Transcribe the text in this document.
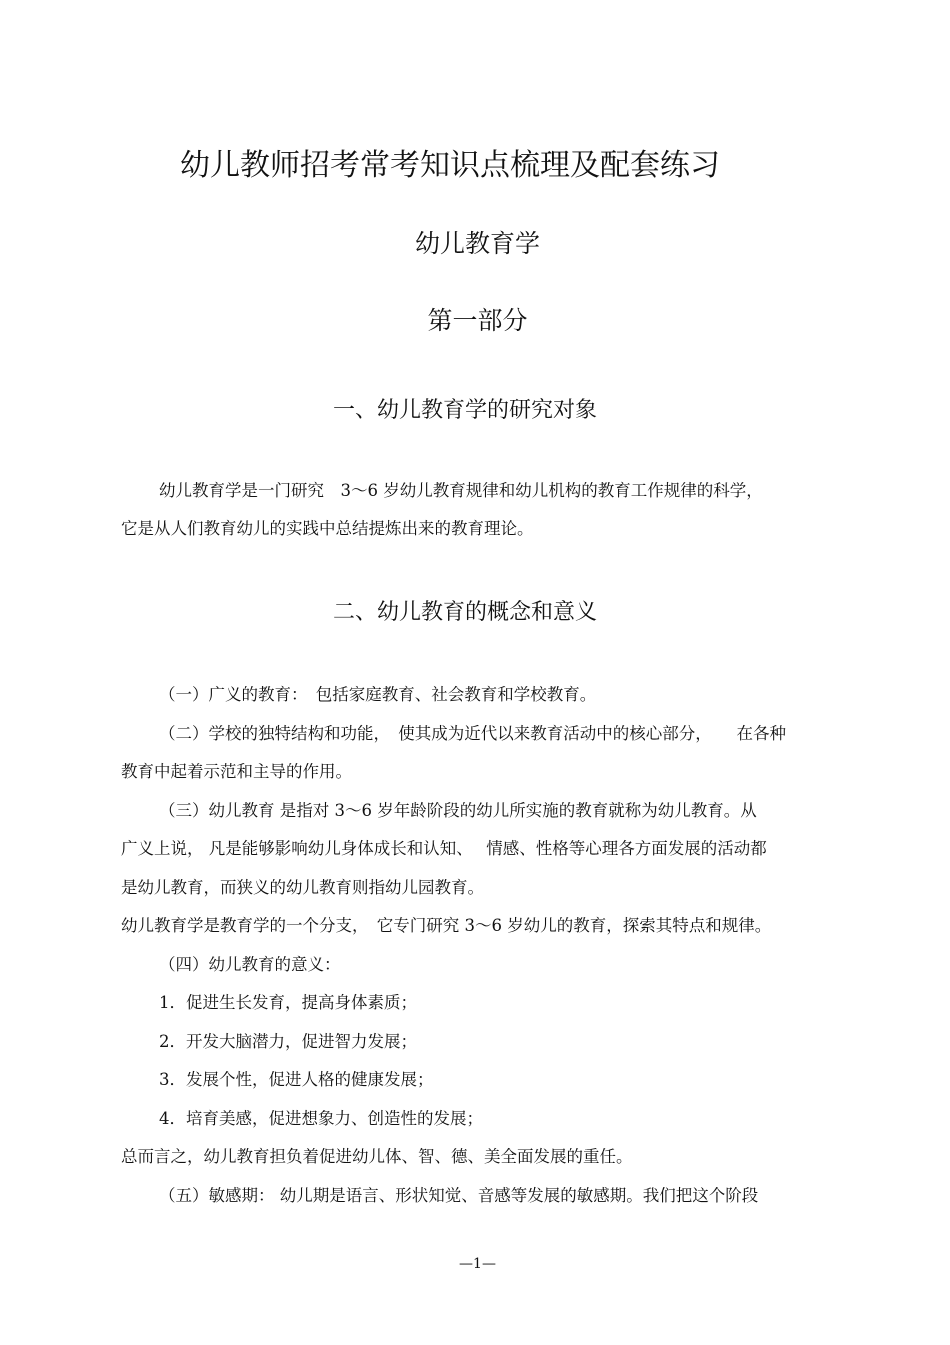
幼儿教师招考常考知识点梳理及配套练习
幼儿教育学
第一部分
一、幼儿教育学的研究对象
幼儿教育学是一门研究　3～6 岁幼儿教育规律和幼儿机构的教育工作规律的科学，
它是从人们教育幼儿的实践中总结提炼出来的教育理论。
二、幼儿教育的概念和意义
（一）广义的教育：　包括家庭教育、社会教育和学校教育。
（二）学校的独特结构和功能，　使其成为近代以来教育活动中的核心部分，　　在各种
教育中起着示范和主导的作用。
（三）幼儿教育 是指对 3～6 岁年龄阶段的幼儿所实施的教育就称为幼儿教育。从
广义上说， 凡是能够影响幼儿身体成长和认知、　 情感、性格等心理各方面发展的活动都
是幼儿教育，而狭义的幼儿教育则指幼儿园教育。
幼儿教育学是教育学的一个分支，　它专门研究 3～6 岁幼儿的教育，探索其特点和规律。
（四）幼儿教育的意义：
1．促进生长发育，提高身体素质；
2．开发大脑潜力，促进智力发展；
3．发展个性，促进人格的健康发展；
4．培育美感，促进想象力、创造性的发展；
总而言之，幼儿教育担负着促进幼儿体、智、德、美全面发展的重任。
（五）敏感期： 幼儿期是语言、形状知觉、音感等发展的敏感期。我们把这个阶段
—1—
